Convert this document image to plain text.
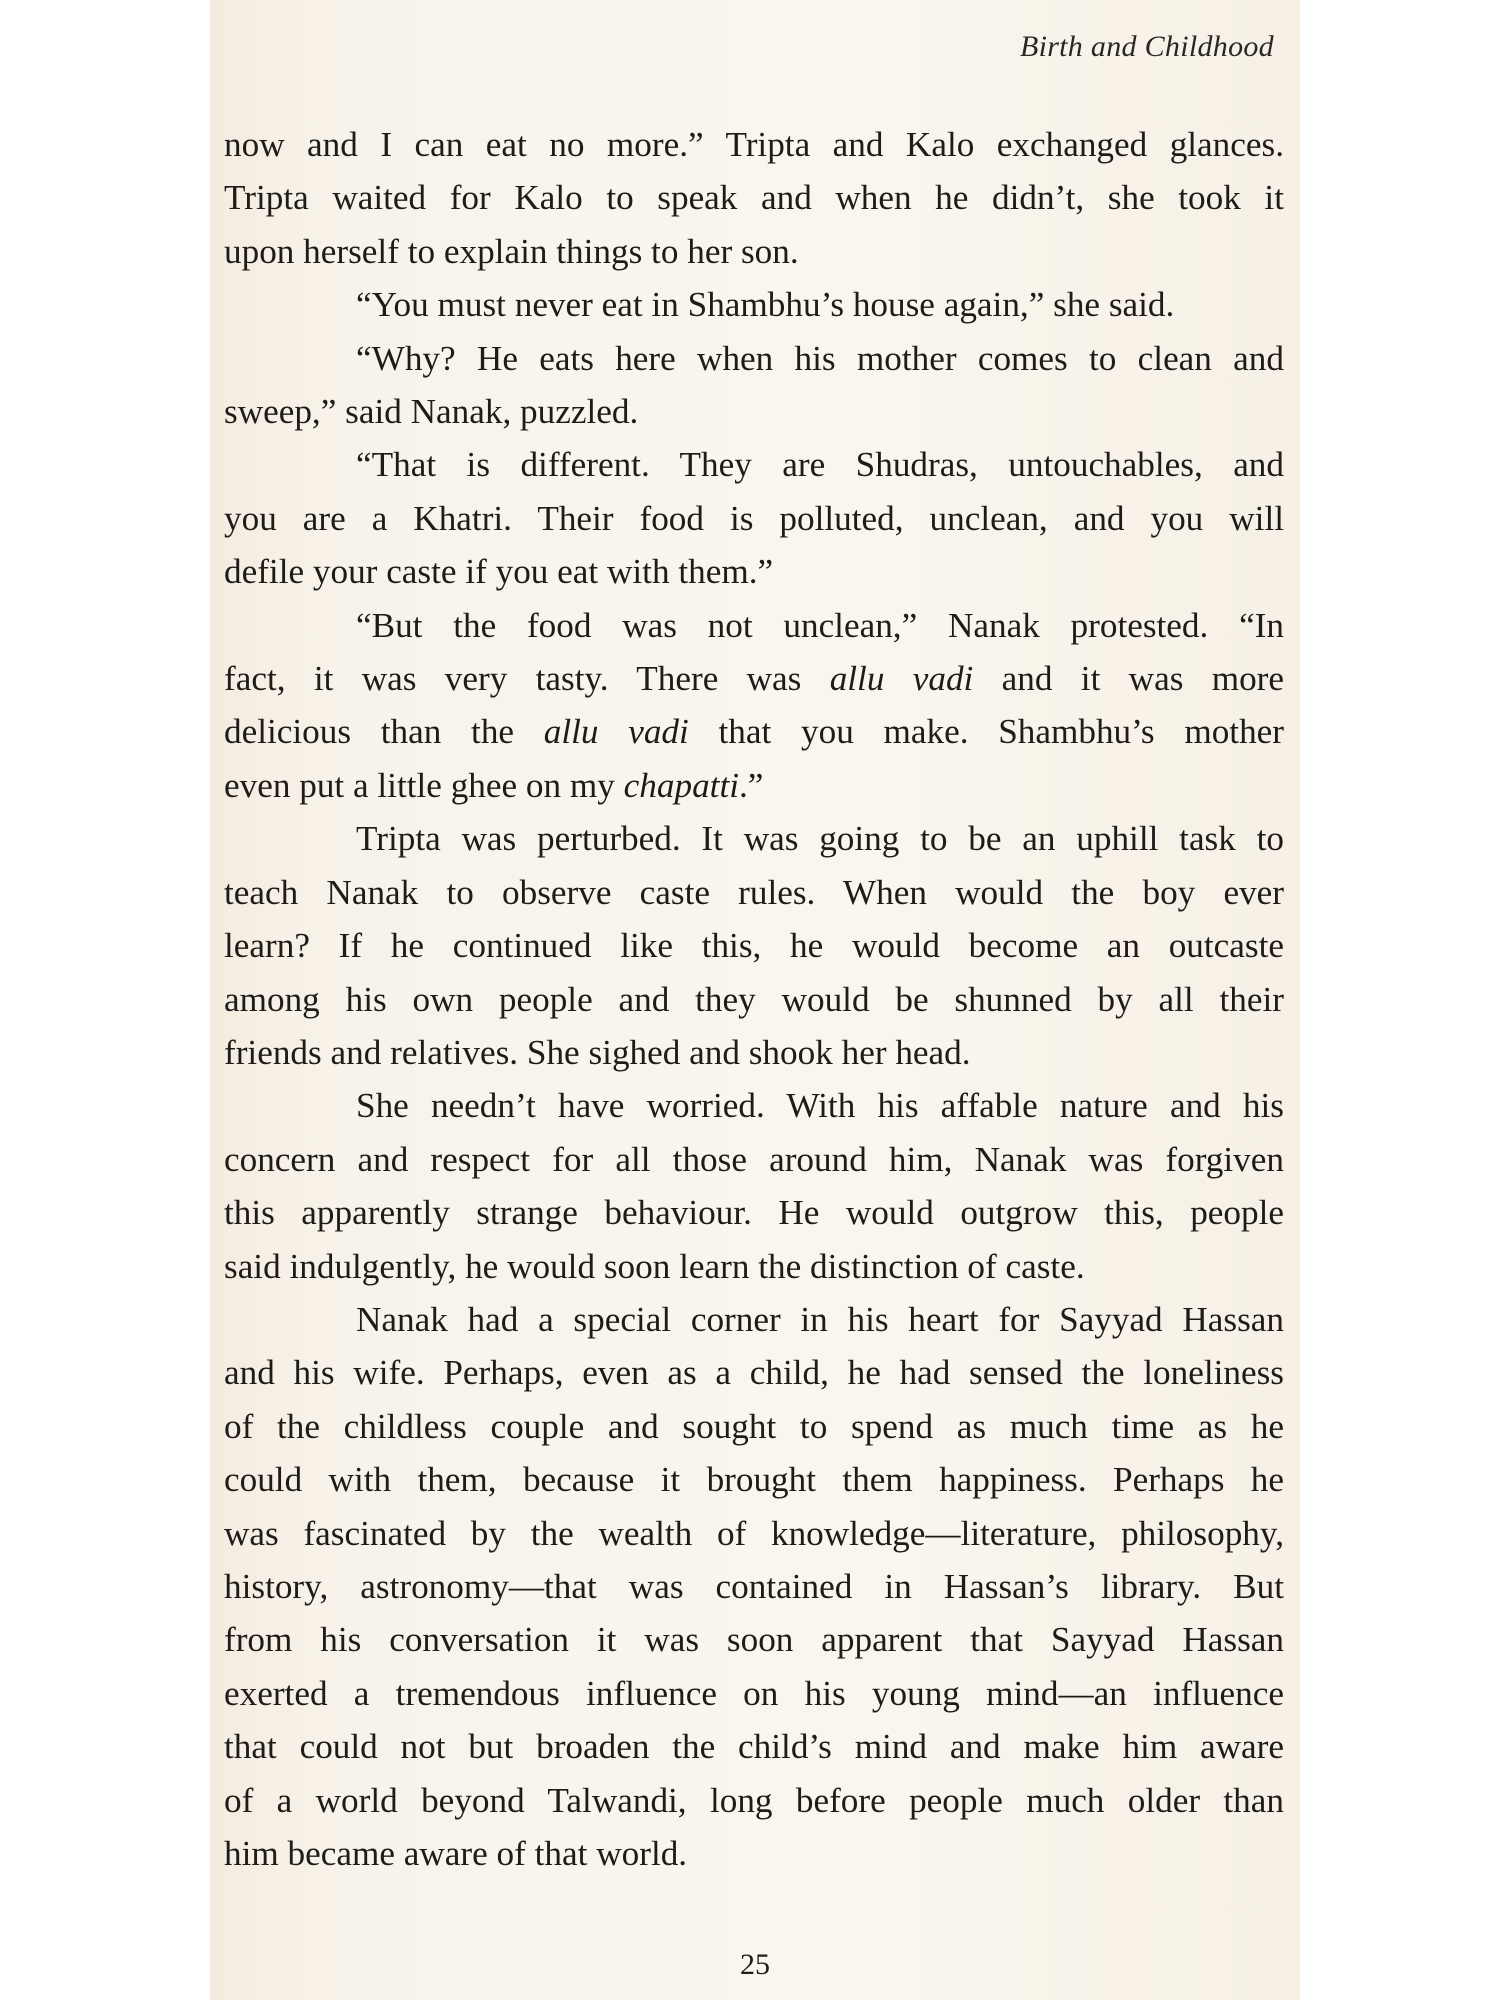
Birth and Childhood
now and I can eat no more.” Tripta and Kalo exchanged glances.
Tripta waited for Kalo to speak and when he didn’t, she took it
upon herself to explain things to her son.
“You must never eat in Shambhu’s house again,” she said.
“Why? He eats here when his mother comes to clean and
sweep,” said Nanak, puzzled.
“That is different. They are Shudras, untouchables, and
you are a Khatri. Their food is polluted, unclean, and you will
defile your caste if you eat with them.”
“But the food was not unclean,” Nanak protested. “In
fact, it was very tasty. There was allu vadi and it was more
delicious than the allu vadi that you make. Shambhu’s mother
even put a little ghee on my chapatti.”
Tripta was perturbed. It was going to be an uphill task to
teach Nanak to observe caste rules. When would the boy ever
learn? If he continued like this, he would become an outcaste
among his own people and they would be shunned by all their
friends and relatives. She sighed and shook her head.
She needn’t have worried. With his affable nature and his
concern and respect for all those around him, Nanak was forgiven
this apparently strange behaviour. He would outgrow this, people
said indulgently, he would soon learn the distinction of caste.
Nanak had a special corner in his heart for Sayyad Hassan
and his wife. Perhaps, even as a child, he had sensed the loneliness
of the childless couple and sought to spend as much time as he
could with them, because it brought them happiness. Perhaps he
was fascinated by the wealth of knowledge—literature, philosophy,
history, astronomy—that was contained in Hassan’s library. But
from his conversation it was soon apparent that Sayyad Hassan
exerted a tremendous influence on his young mind—an influence
that could not but broaden the child’s mind and make him aware
of a world beyond Talwandi, long before people much older than
him became aware of that world.
25
